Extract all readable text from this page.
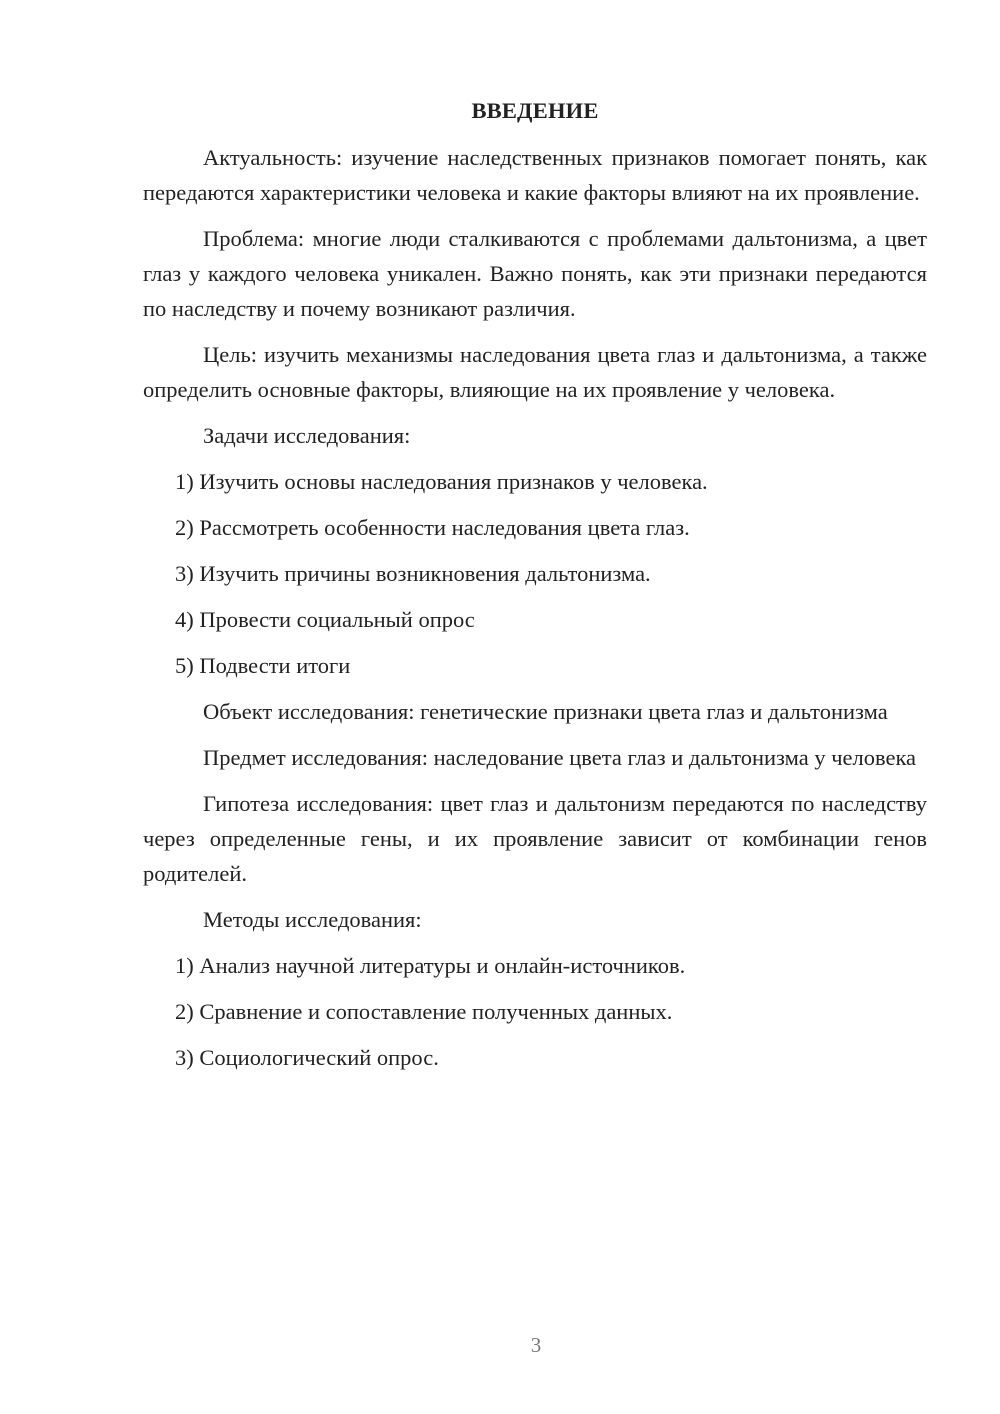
ВВЕДЕНИЕ

Актуальность: изучение наследственных признаков помогает понять, как передаются характеристики человека и какие факторы влияют на их проявление.

Проблема: многие люди сталкиваются с проблемами дальтонизма, а цвет глаз у каждого человека уникален. Важно понять, как эти признаки передаются по наследству и почему возникают различия.

Цель: изучить механизмы наследования цвета глаз и дальтонизма, а также определить основные факторы, влияющие на их проявление у человека.

Задачи исследования:

1) Изучить основы наследования признаков у человека.

2) Рассмотреть особенности наследования цвета глаз.

3) Изучить причины возникновения дальтонизма.

4) Провести социальный опрос

5) Подвести итоги

Объект исследования: генетические признаки цвета глаз и дальтонизма

Предмет исследования: наследование цвета глаз и дальтонизма у человека

Гипотеза исследования: цвет глаз и дальтонизм передаются по наследству через определенные гены, и их проявление зависит от комбинации генов родителей.

Методы исследования:

1) Анализ научной литературы и онлайн-источников.

2) Сравнение и сопоставление полученных данных.

3) Социологический опрос.

3
